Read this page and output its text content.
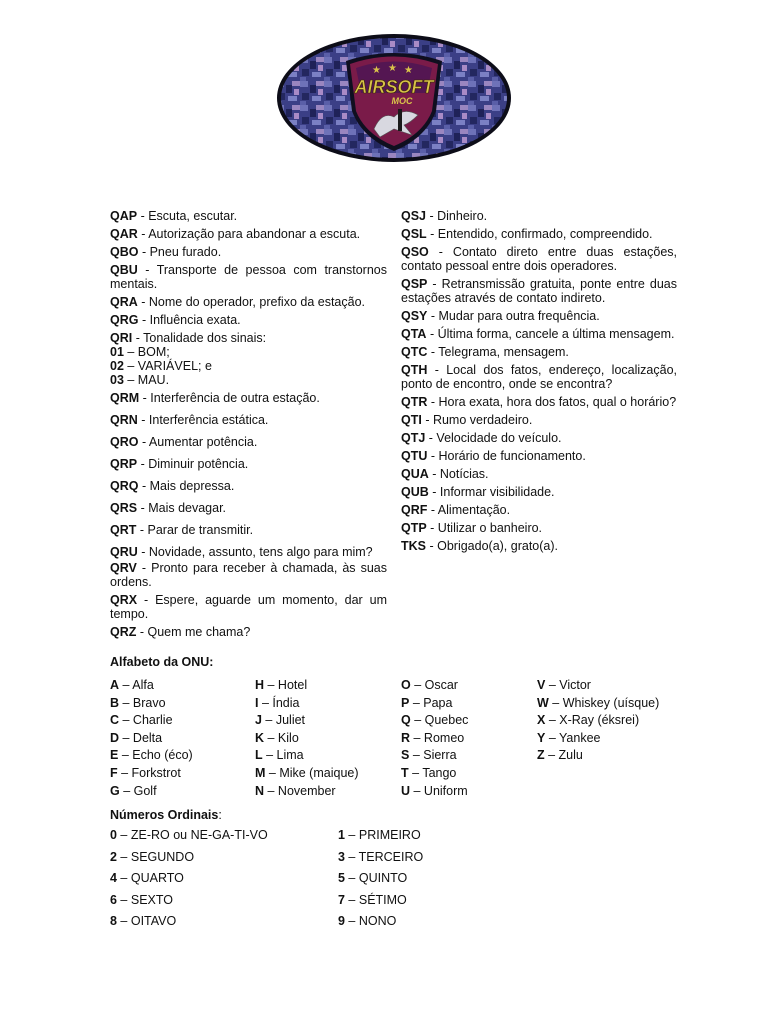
★ ★ ★
AIRSOFT
MOC
QAP - Escuta, escutar.
QAR - Autorização para abandonar a escuta.
QBO - Pneu furado.
QBU - Transporte de pessoa com transtornos mentais.
QRA - Nome do operador, prefixo da estação.
QRG - Influência exata.
QRI - Tonalidade dos sinais:
01 – BOM;
02 – VARIÁVEL; e
03 – MAU.
QRM - Interferência de outra estação.
QRN - Interferência estática.
QRO - Aumentar potência.
QRP - Diminuir potência.
QRQ - Mais depressa.
QRS - Mais devagar.
QRT - Parar de transmitir.
QRU - Novidade, assunto, tens algo para mim?
QRV - Pronto para receber à chamada, às suas ordens.
QRX - Espere, aguarde um momento, dar um tempo.
QRZ - Quem me chama?
QSJ - Dinheiro.
QSL - Entendido, confirmado, compreendido.
QSO - Contato direto entre duas estações, contato pessoal entre dois operadores.
QSP - Retransmissão gratuita, ponte entre duas estações através de contato indireto.
QSY - Mudar para outra frequência.
QTA - Última forma, cancele a última mensagem.
QTC - Telegrama, mensagem.
QTH - Local dos fatos, endereço, localização, ponto de encontro, onde se encontra?
QTR - Hora exata, hora dos fatos, qual o horário?
QTI - Rumo verdadeiro.
QTJ - Velocidade do veículo.
QTU - Horário de funcionamento.
QUA - Notícias.
QUB - Informar visibilidade.
QRF - Alimentação.
QTP - Utilizar o banheiro.
TKS - Obrigado(a), grato(a).
Alfabeto da ONU:
A – Alfa
B – Bravo
C – Charlie
D – Delta
E – Echo (éco)
F – Forkstrot
G – Golf
H – Hotel
I – Índia
J – Juliet
K – Kilo
L – Lima
M – Mike (maique)
N – November
O – Oscar
P – Papa
Q – Quebec
R – Romeo
S – Sierra
T – Tango
U – Uniform
V – Victor
W – Whiskey (uísque)
X – X-Ray (éksrei)
Y – Yankee
Z – Zulu
Números Ordinais:
0 – ZE-RO ou NE-GA-TI-VO
2 – SEGUNDO
4 – QUARTO
6 – SEXTO
8 – OITAVO
1 – PRIMEIRO
3 – TERCEIRO
5 – QUINTO
7 – SÉTIMO
9 – NONO
